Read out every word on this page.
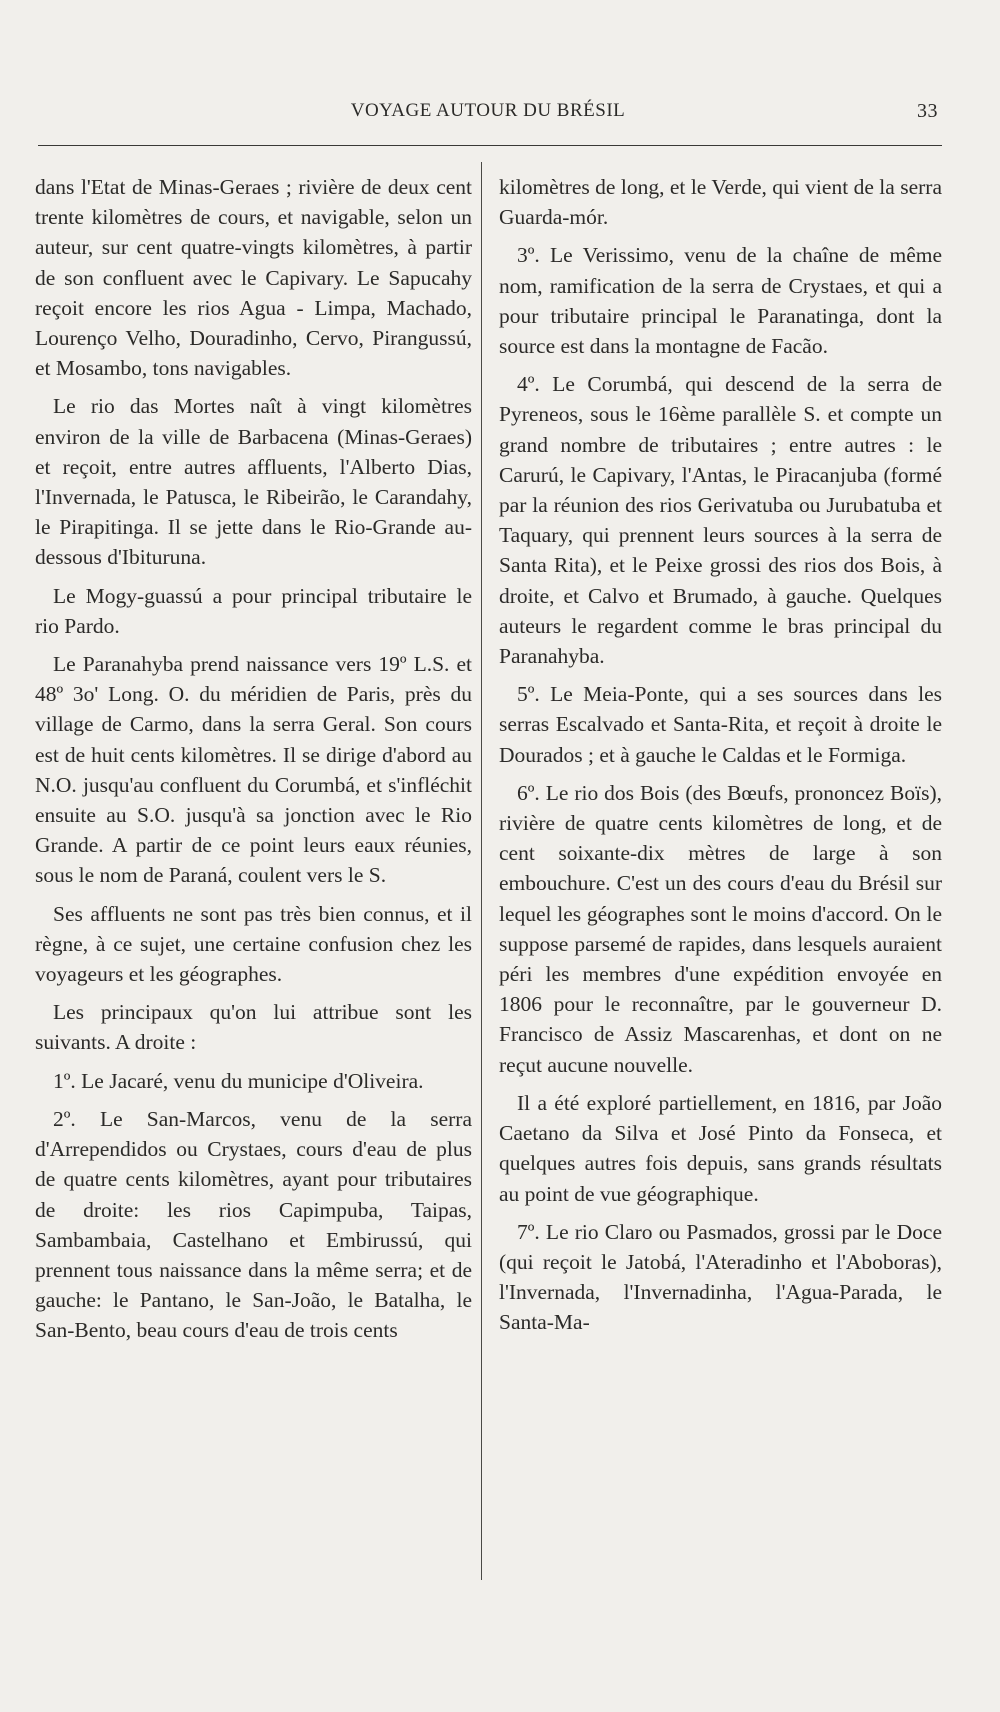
VOYAGE AUTOUR DU BRÉSIL	33

dans l'Etat de Minas-Geraes ; rivière de deux cent trente kilomètres de cours, et navigable, selon un auteur, sur cent quatre-vingts kilomètres, à partir de son confluent avec le Capivary. Le Sapucahy reçoit encore les rios Agua - Limpa, Machado, Lourenço Velho, Douradinho, Cervo, Pirangussú, et Mosambo, tons navigables.

Le rio das Mortes naît à vingt kilomètres environ de la ville de Barbacena (Minas-Geraes) et reçoit, entre autres affluents, l'Alberto Dias, l'Invernada, le Patusca, le Ribeirão, le Carandahy, le Pirapitinga. Il se jette dans le Rio-Grande au-dessous d'Ibituruna.

Le Mogy-guassú a pour principal tributaire le rio Pardo.

Le Paranahyba prend naissance vers 19º L.S. et 48º 3o' Long. O. du méridien de Paris, près du village de Carmo, dans la serra Geral. Son cours est de huit cents kilomètres. Il se dirige d'abord au N.O. jusqu'au confluent du Corumbá, et s'infléchit ensuite au S.O. jusqu'à sa jonction avec le Rio Grande. A partir de ce point leurs eaux réunies, sous le nom de Paraná, coulent vers le S.

Ses affluents ne sont pas très bien connus, et il règne, à ce sujet, une certaine confusion chez les voyageurs et les géographes.

Les principaux qu'on lui attribue sont les suivants. A droite :

1º. Le Jacaré, venu du municipe d'Oliveira.

2º. Le San-Marcos, venu de la serra d'Arrependidos ou Crystaes, cours d'eau de plus de quatre cents kilomètres, ayant pour tributaires de droite: les rios Capimpuba, Taipas, Sambambaia, Castelhano et Embirussú, qui prennent tous naissance dans la même serra; et de gauche: le Pantano, le San-João, le Batalha, le San-Bento, beau cours d'eau de trois cents

kilomètres de long, et le Verde, qui vient de la serra Guarda-mór.

3º. Le Verissimo, venu de la chaîne de même nom, ramification de la serra de Crystaes, et qui a pour tributaire principal le Paranatinga, dont la source est dans la montagne de Facão.

4º. Le Corumbá, qui descend de la serra de Pyreneos, sous le 16ème parallèle S. et compte un grand nombre de tributaires ; entre autres : le Carurú, le Capivary, l'Antas, le Piracanjuba (formé par la réunion des rios Gerivatuba ou Jurubatuba et Taquary, qui prennent leurs sources à la serra de Santa Rita), et le Peixe grossi des rios dos Bois, à droite, et Calvo et Brumado, à gauche. Quelques auteurs le regardent comme le bras principal du Paranahyba.

5º. Le Meia-Ponte, qui a ses sources dans les serras Escalvado et Santa-Rita, et reçoit à droite le Dourados ; et à gauche le Caldas et le Formiga.

6º. Le rio dos Bois (des Bœufs, prononcez Boïs), rivière de quatre cents kilomètres de long, et de cent soixante-dix mètres de large à son embouchure. C'est un des cours d'eau du Brésil sur lequel les géographes sont le moins d'accord. On le suppose parsemé de rapides, dans lesquels auraient péri les membres d'une expédition envoyée en 1806 pour le reconnaître, par le gouverneur D. Francisco de Assiz Mascarenhas, et dont on ne reçut aucune nouvelle.

Il a été exploré partiellement, en 1816, par João Caetano da Silva et José Pinto da Fonseca, et quelques autres fois depuis, sans grands résultats au point de vue géographique.

7º. Le rio Claro ou Pasmados, grossi par le Doce (qui reçoit le Jatobá, l'Ateradinho et l'Aboboras), l'Invernada, l'Invernadinha, l'Agua-Parada, le Santa-Ma-
